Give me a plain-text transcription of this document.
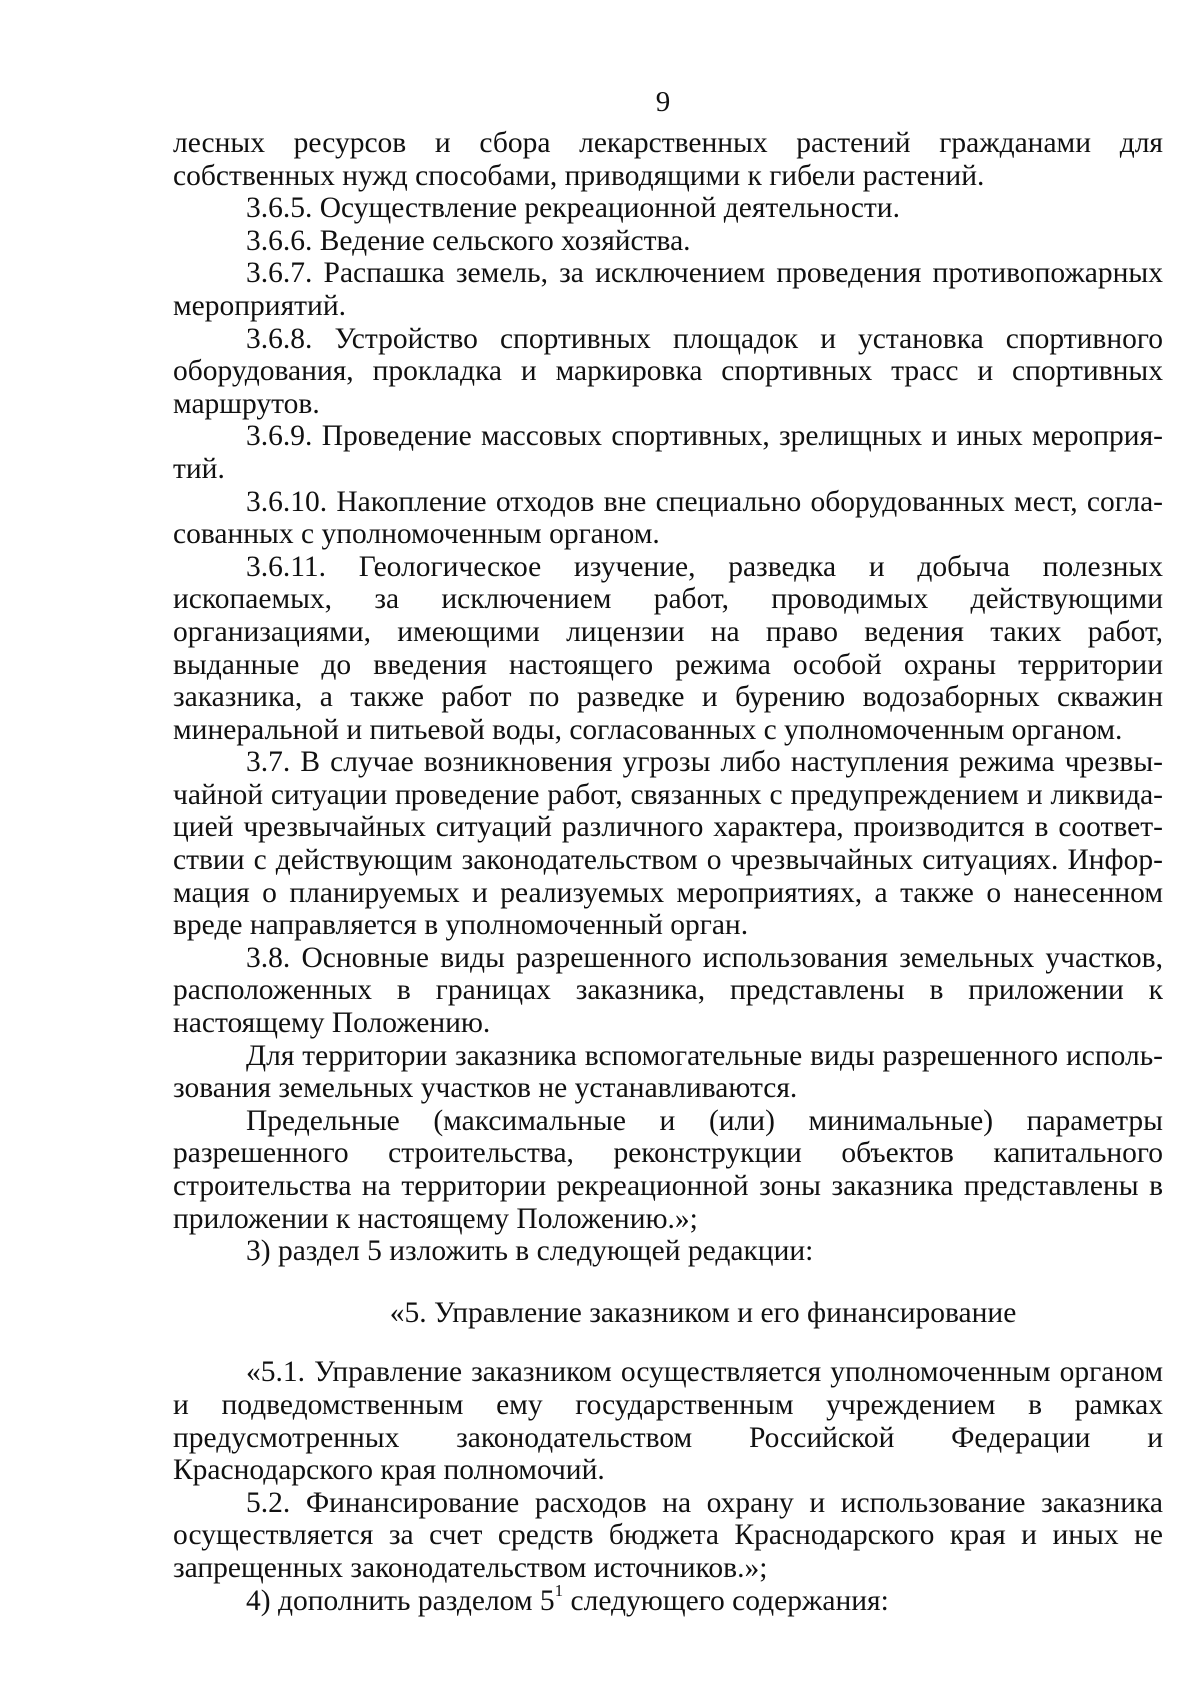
9

лесных ресурсов и сбора лекарственных растений гражданами для собственных нужд способами, приводящими к гибели растений.

3.6.5. Осуществление рекреационной деятельности.

3.6.6. Ведение сельского хозяйства.

3.6.7. Распашка земель, за исключением проведения противопожарных мероприятий.

3.6.8. Устройство спортивных площадок и установка спортивного оборудования, прокладка и маркировка спортивных трасс и спортивных маршрутов.

3.6.9. Проведение массовых спортивных, зрелищных и иных мероприятий.

3.6.10. Накопление отходов вне специально оборудованных мест, согласованных с уполномоченным органом.

3.6.11. Геологическое изучение, разведка и добыча полезных ископаемых, за исключением работ, проводимых действующими организациями, имеющими лицензии на право ведения таких работ, выданные до введения настоящего режима особой охраны территории заказника, а также работ по разведке и бурению водозаборных скважин минеральной и питьевой воды, согласованных с уполномоченным органом.

3.7. В случае возникновения угрозы либо наступления режима чрезвычайной ситуации проведение работ, связанных с предупреждением и ликвидацией чрезвычайных ситуаций различного характера, производится в соответствии с действующим законодательством о чрезвычайных ситуациях. Информация о планируемых и реализуемых мероприятиях, а также о нанесенном вреде направляется в уполномоченный орган.

3.8. Основные виды разрешенного использования земельных участков, расположенных в границах заказника, представлены в приложении к настоящему Положению.

Для территории заказника вспомогательные виды разрешенного использования земельных участков не устанавливаются.

Предельные (максимальные и (или) минимальные) параметры разрешенного строительства, реконструкции объектов капитального строительства на территории рекреационной зоны заказника представлены в приложении к настоящему Положению.»;

3) раздел 5 изложить в следующей редакции:

«5. Управление заказником и его финансирование

«5.1. Управление заказником осуществляется уполномоченным органом и подведомственным ему государственным учреждением в рамках предусмотренных законодательством Российской Федерации и Краснодарского края полномочий.

5.2. Финансирование расходов на охрану и использование заказника осуществляется за счет средств бюджета Краснодарского края и иных не запрещенных законодательством источников.»;

4) дополнить разделом $5^1$ следующего содержания:
